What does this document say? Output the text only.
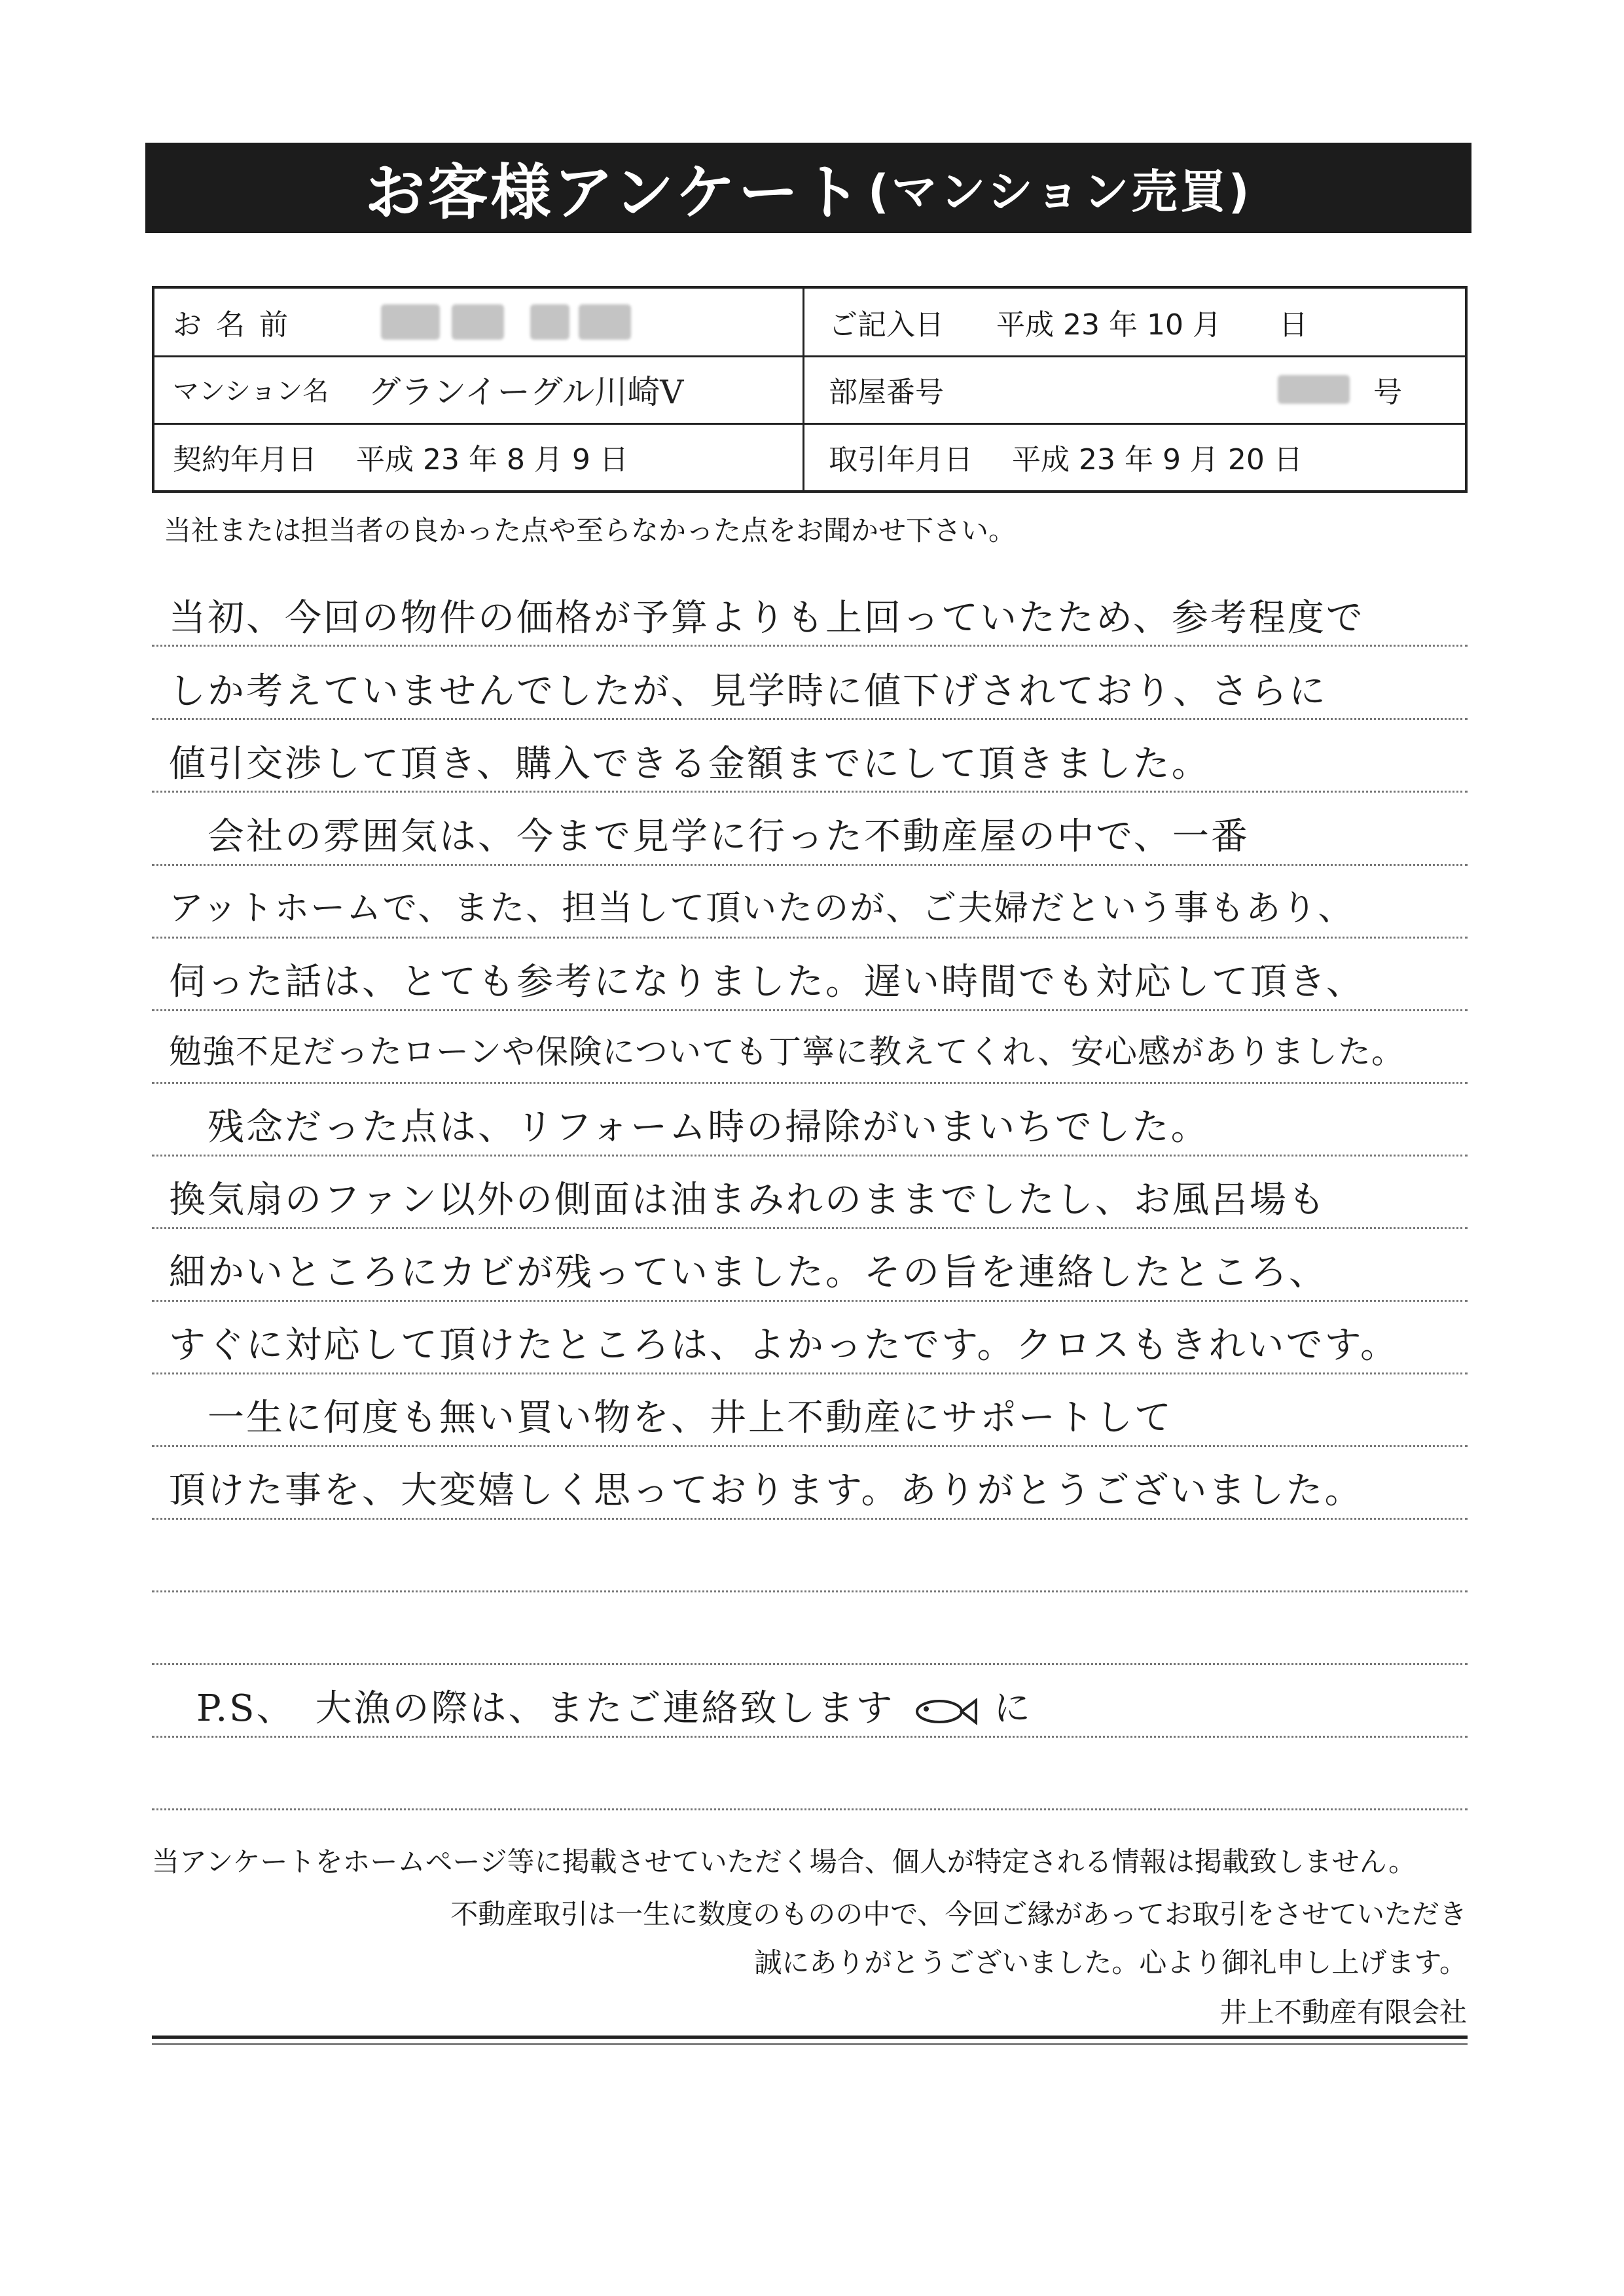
お客様アンケート (マンション売買)
お名前	ご記入日 平成 23 年 10 月　　日
マンション名 グランイーグル川崎Ⅴ	部屋番号	号
契約年月日 平成 23 年 8 月 9 日	取引年月日 平成 23 年 9 月 20 日
当社または担当者の良かった点や至らなかった点をお聞かせ下さい。
当初、今回の物件の価格が予算よりも上回っていたため、参考程度で
しか考えていませんでしたが、見学時に値下げされており、さらに
値引交渉して頂き、購入できる金額までにして頂きました。
　会社の雰囲気は、今まで見学に行った不動産屋の中で、一番
アットホームで、また、担当して頂いたのが、ご夫婦だという事もあり、
伺った話は、とても参考になりました。遅い時間でも対応して頂き、
勉強不足だったローンや保険についても丁寧に教えてくれ、安心感がありました。
　残念だった点は、リフォーム時の掃除がいまいちでした。
換気扇のファン以外の側面は油まみれのままでしたし、お風呂場も
細かいところにカビが残っていました。その旨を連絡したところ、
すぐに対応して頂けたところは、よかったです。クロスもきれいです。
　一生に何度も無い買い物を、井上不動産にサポートして
頂けた事を、大変嬉しく思っております。ありがとうございました。
P.S、　大漁の際は、またご連絡致します	に
当アンケートをホームページ等に掲載させていただく場合、個人が特定される情報は掲載致しません。
不動産取引は一生に数度のものの中で、今回ご縁があってお取引をさせていただき
誠にありがとうございました。心より御礼申し上げます。
井上不動産有限会社
